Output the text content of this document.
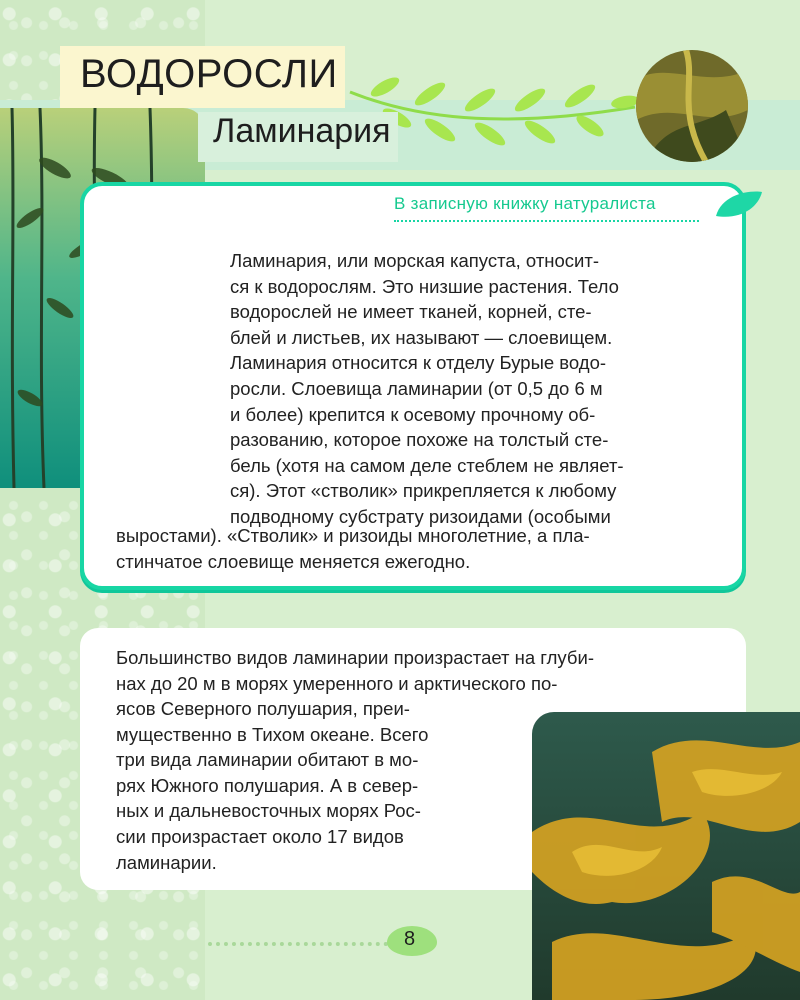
ВОДОРОСЛИ
Ламинария
В записную книжку натуралиста
Ламинария, или морская капуста, относит-
ся к водорослям. Это низшие растения. Тело
водорослей не имеет тканей, корней, сте-
блей и листьев, их называют — слоевищем.
Ламинария относится к отделу Бурые водо-
росли. Слоевища ламинарии (от 0,5 до 6 м
и более) крепится к осевому прочному об-
разованию, которое похоже на толстый сте-
бель (хотя на самом деле стеблем не являет-
ся). Этот «стволик» прикрепляется к любому
подводному субстрату ризоидами (особыми
выростами). «Стволик» и ризоиды многолетние, а пла-
стинчатое слоевище меняется ежегодно.
Большинство видов ламинарии произрастает на глуби-
нах до 20 м в морях умеренного и арктического по-
ясов Северного полушария, преи-
мущественно в Тихом океане. Всего
три вида ламинарии обитают в мо-
рях Южного полушария. А в север-
ных и дальневосточных морях Рос-
сии произрастает около 17 видов
ламинарии.
8
